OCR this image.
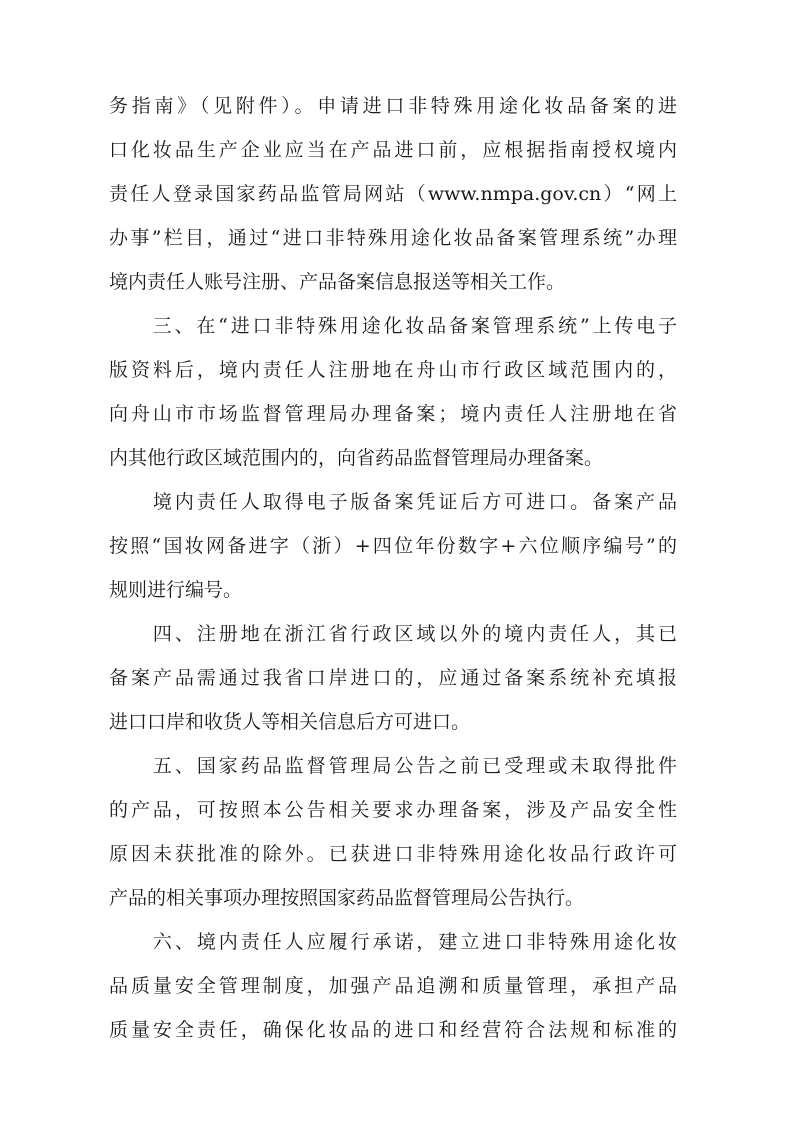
务指南》（见附件）。申请进口非特殊用途化妆品备案的进
口化妆品生产企业应当在产品进口前，应根据指南授权境内
责任人登录国家药品监管局网站（www.nmpa.gov.cn）“网上
办事”栏目，通过“进口非特殊用途化妆品备案管理系统”办理
境内责任人账号注册、产品备案信息报送等相关工作。
　　三、在“进口非特殊用途化妆品备案管理系统”上传电子
版资料后，境内责任人注册地在舟山市行政区域范围内的，
向舟山市市场监督管理局办理备案；境内责任人注册地在省
内其他行政区域范围内的，向省药品监督管理局办理备案。
　　境内责任人取得电子版备案凭证后方可进口。备案产品
按照“国妆网备进字（浙）+四位年份数字+六位顺序编号”的
规则进行编号。
　　四、注册地在浙江省行政区域以外的境内责任人，其已
备案产品需通过我省口岸进口的，应通过备案系统补充填报
进口口岸和收货人等相关信息后方可进口。
　　五、国家药品监督管理局公告之前已受理或未取得批件
的产品，可按照本公告相关要求办理备案，涉及产品安全性
原因未获批准的除外。已获进口非特殊用途化妆品行政许可
产品的相关事项办理按照国家药品监督管理局公告执行。
　　六、境内责任人应履行承诺，建立进口非特殊用途化妆
品质量安全管理制度，加强产品追溯和质量管理，承担产品
质量安全责任，确保化妆品的进口和经营符合法规和标准的
